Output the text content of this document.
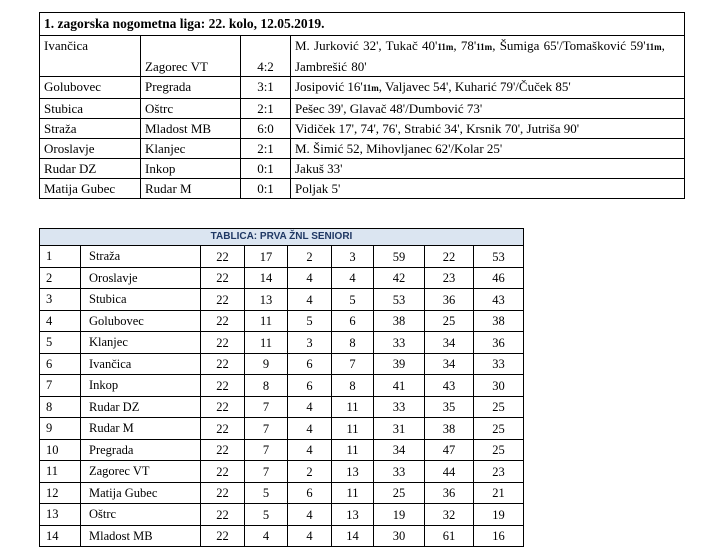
1. zagorska nogometna liga: 22. kolo, 12.05.2019.			
Ivančica	Zagorec VT	4:2	M. Jurković 32', Tukač 40'11m, 78'11m, Šumiga 65'/Tomašković 59'11m, Jambrešić 80'
Golubovec	Pregrada	3:1	Josipović 16'11m, Valjavec 54', Kuharić 79'/Čuček 85'
Stubica	Oštrc	2:1	Pešec 39', Glavač 48'/Dumbović 73'
Straža	Mladost MB	6:0	Vidiček 17', 74', 76', Strabić 34', Krsnik 70', Jutriša 90'
Oroslavje	Klanjec	2:1	M. Šimić 52, Mihovljanec 62'/Kolar 25'
Rudar DZ	Inkop	0:1	Jakuš 33'
Matija Gubec	Rudar M	0:1	Poljak 5'
TABLICA: PRVA ŽNL SENIORI								
1	Straža	22	17	2	3	59	22	53
2	Oroslavje	22	14	4	4	42	23	46
3	Stubica	22	13	4	5	53	36	43
4	Golubovec	22	11	5	6	38	25	38
5	Klanjec	22	11	3	8	33	34	36
6	Ivančica	22	9	6	7	39	34	33
7	Inkop	22	8	6	8	41	43	30
8	Rudar DZ	22	7	4	11	33	35	25
9	Rudar M	22	7	4	11	31	38	25
10	Pregrada	22	7	4	11	34	47	25
11	Zagorec VT	22	7	2	13	33	44	23
12	Matija Gubec	22	5	6	11	25	36	21
13	Oštrc	22	5	4	13	19	32	19
14	Mladost MB	22	4	4	14	30	61	16
